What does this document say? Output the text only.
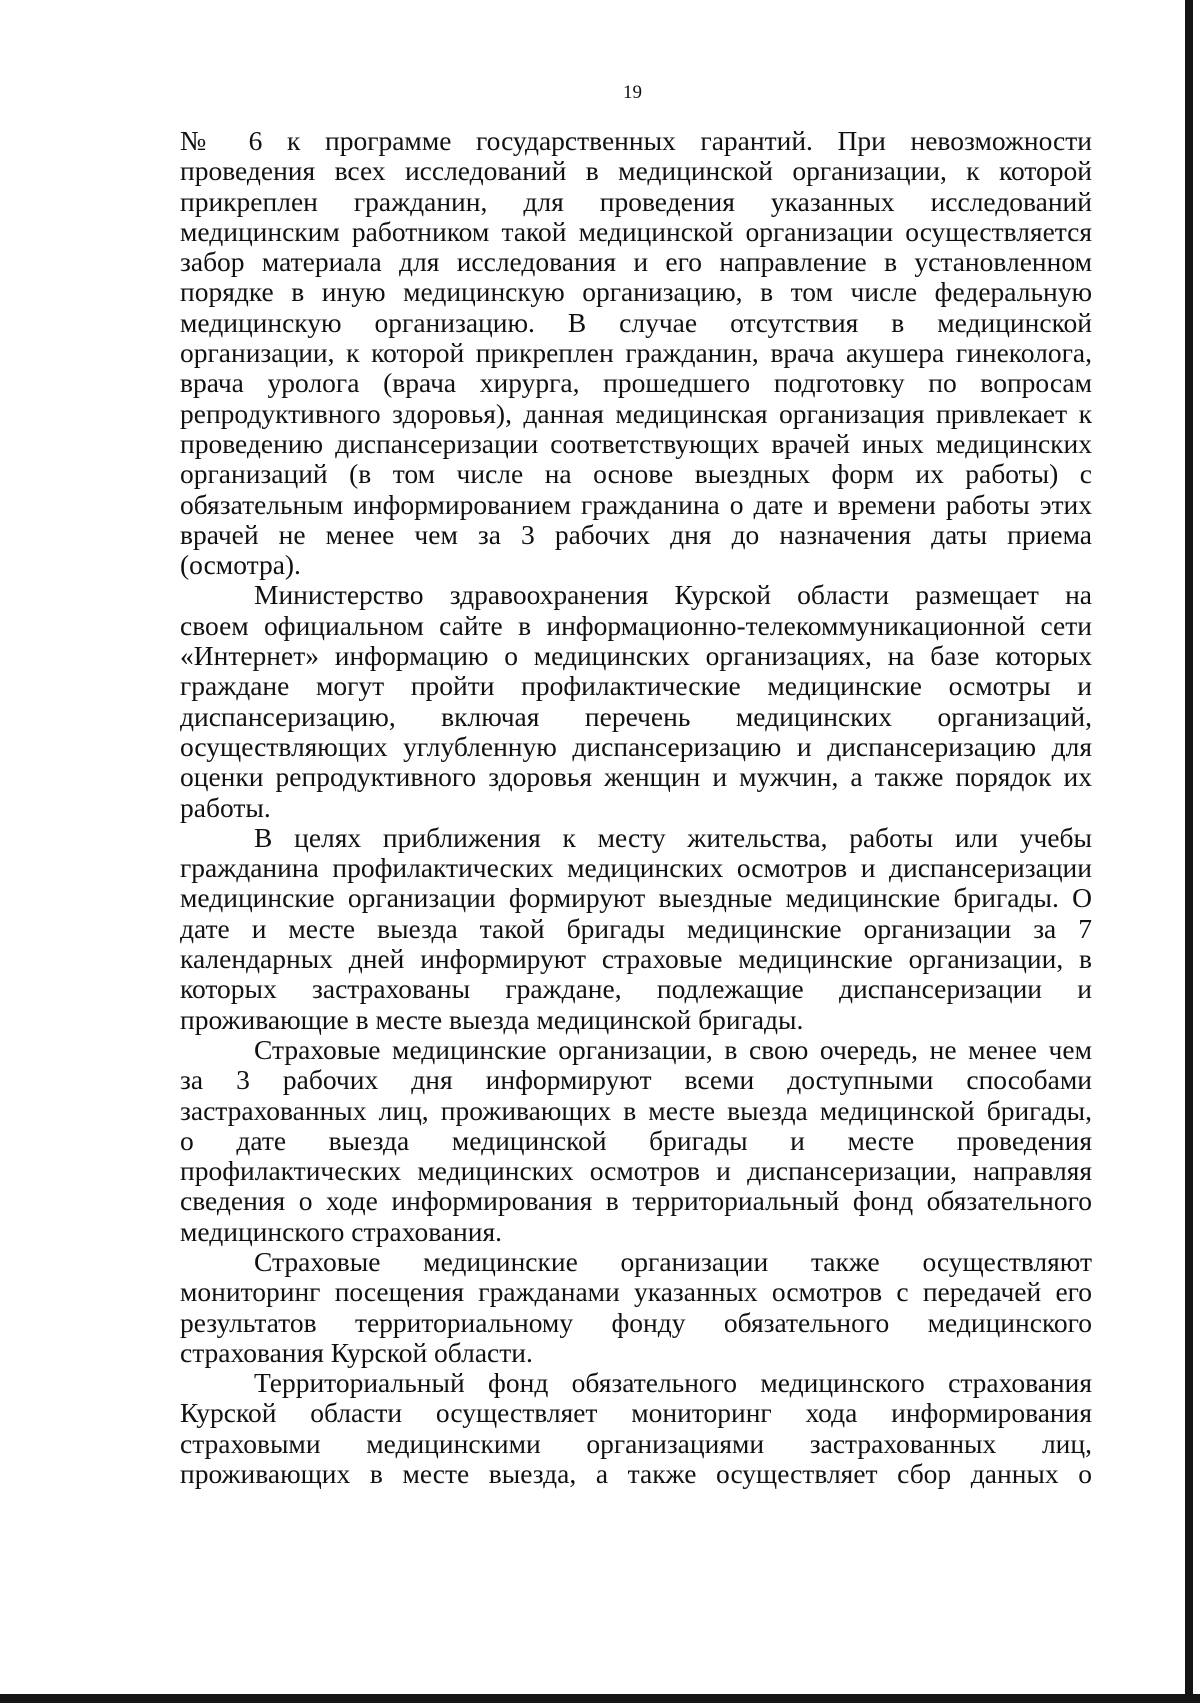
19
№ 6 к программе государственных гарантий. При невозможности
проведения всех исследований в медицинской организации, к которой
прикреплен гражданин, для проведения указанных исследований
медицинским работником такой медицинской организации осуществляется
забор материала для исследования и его направление в установленном
порядке в иную медицинскую организацию, в том числе федеральную
медицинскую организацию. В случае отсутствия в медицинской
организации, к которой прикреплен гражданин, врача акушера гинеколога,
врача уролога (врача хирурга, прошедшего подготовку по вопросам
репродуктивного здоровья), данная медицинская организация привлекает к
проведению диспансеризации соответствующих врачей иных медицинских
организаций (в том числе на основе выездных форм их работы) с
обязательным информированием гражданина о дате и времени работы этих
врачей не менее чем за 3 рабочих дня до назначения даты приема
(осмотра).
Министерство здравоохранения Курской области размещает на
своем официальном сайте в информационно-телекоммуникационной сети
«Интернет» информацию о медицинских организациях, на базе которых
граждане могут пройти профилактические медицинские осмотры и
диспансеризацию, включая перечень медицинских организаций,
осуществляющих углубленную диспансеризацию и диспансеризацию для
оценки репродуктивного здоровья женщин и мужчин, а также порядок их
работы.
В целях приближения к месту жительства, работы или учебы
гражданина профилактических медицинских осмотров и диспансеризации
медицинские организации формируют выездные медицинские бригады. О
дате и месте выезда такой бригады медицинские организации за 7
календарных дней информируют страховые медицинские организации, в
которых застрахованы граждане, подлежащие диспансеризации и
проживающие в месте выезда медицинской бригады.
Страховые медицинские организации, в свою очередь, не менее чем
за 3 рабочих дня информируют всеми доступными способами
застрахованных лиц, проживающих в месте выезда медицинской бригады,
о дате выезда медицинской бригады и месте проведения
профилактических медицинских осмотров и диспансеризации, направляя
сведения о ходе информирования в территориальный фонд обязательного
медицинского страхования.
Страховые медицинские организации также осуществляют
мониторинг посещения гражданами указанных осмотров с передачей его
результатов территориальному фонду обязательного медицинского
страхования Курской области.
Территориальный фонд обязательного медицинского страхования
Курской области осуществляет мониторинг хода информирования
страховыми медицинскими организациями застрахованных лиц,
проживающих в месте выезда, а также осуществляет сбор данных о
